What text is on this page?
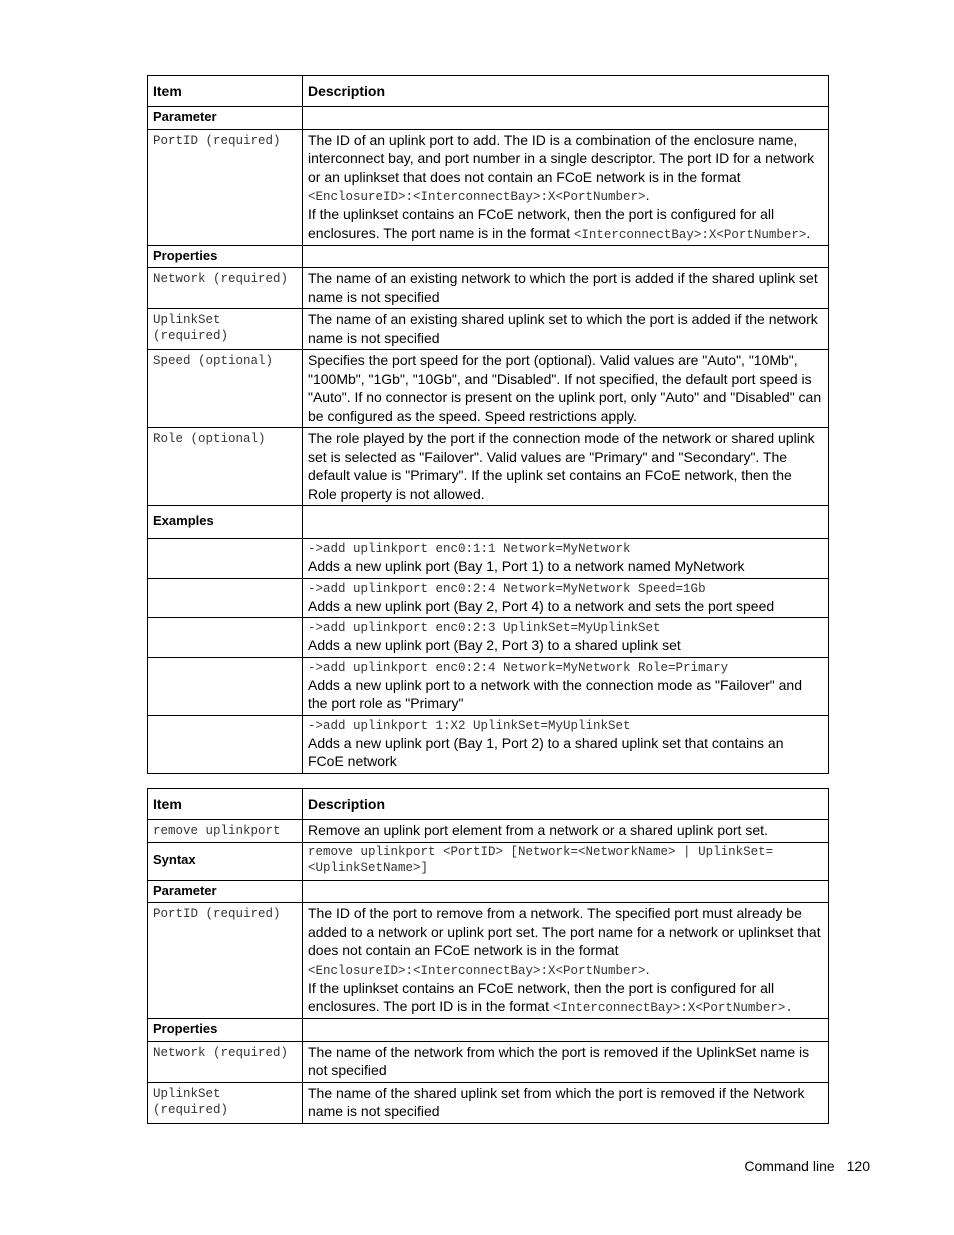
Item	Description
Parameter	
PortID (required)	The ID of an uplink port to add. The ID is a combination of the enclosure name, interconnect bay, and port number in a single descriptor. The port ID for a network or an uplinkset that does not contain an FCoE network is in the format
<EnclosureID>:<InterconnectBay>:X<PortNumber>.
If the uplinkset contains an FCoE network, then the port is configured for all enclosures. The port name is in the format <InterconnectBay>:X<PortNumber>.
Properties	
Network (required)	The name of an existing network to which the port is added if the shared uplink set name is not specified
UplinkSet (required)	The name of an existing shared uplink set to which the port is added if the network name is not specified
Speed (optional)	Specifies the port speed for the port (optional). Valid values are "Auto", "10Mb", "100Mb", "1Gb", "10Gb", and "Disabled". If not specified, the default port speed is "Auto". If no connector is present on the uplink port, only "Auto" and "Disabled" can be configured as the speed. Speed restrictions apply.
Role (optional)	The role played by the port if the connection mode of the network or shared uplink set is selected as "Failover". Valid values are "Primary" and "Secondary". The default value is "Primary". If the uplink set contains an FCoE network, then the Role property is not allowed.
Examples	

	->add uplinkport enc0:1:1 Network=MyNetwork
Adds a new uplink port (Bay 1, Port 1) to a network named MyNetwork

	->add uplinkport enc0:2:4 Network=MyNetwork Speed=1Gb
Adds a new uplink port (Bay 2, Port 4) to a network and sets the port speed

	->add uplinkport enc0:2:3 UplinkSet=MyUplinkSet
Adds a new uplink port (Bay 2, Port 3) to a shared uplink set

	->add uplinkport enc0:2:4 Network=MyNetwork Role=Primary
Adds a new uplink port to a network with the connection mode as "Failover" and the port role as "Primary"

	->add uplinkport 1:X2 UplinkSet=MyUplinkSet
Adds a new uplink port (Bay 1, Port 2) to a shared uplink set that contains an FCoE network
Item	Description
remove uplinkport	Remove an uplink port element from a network or a shared uplink port set.
Syntax	remove uplinkport <PortID> [Network=<NetworkName> | UplinkSet=<UplinkSetName>]
Parameter	
PortID (required)	The ID of the port to remove from a network. The specified port must already be added to a network or uplink port set. The port name for a network or uplinkset that does not contain an FCoE network is in the format
<EnclosureID>:<InterconnectBay>:X<PortNumber>.
If the uplinkset contains an FCoE network, then the port is configured for all enclosures. The port ID is in the format <InterconnectBay>:X<PortNumber>.
Properties	
Network (required)	The name of the network from which the port is removed if the UplinkSet name is not specified
UplinkSet (required)	The name of the shared uplink set from which the port is removed if the Network name is not specified
Command line 120
